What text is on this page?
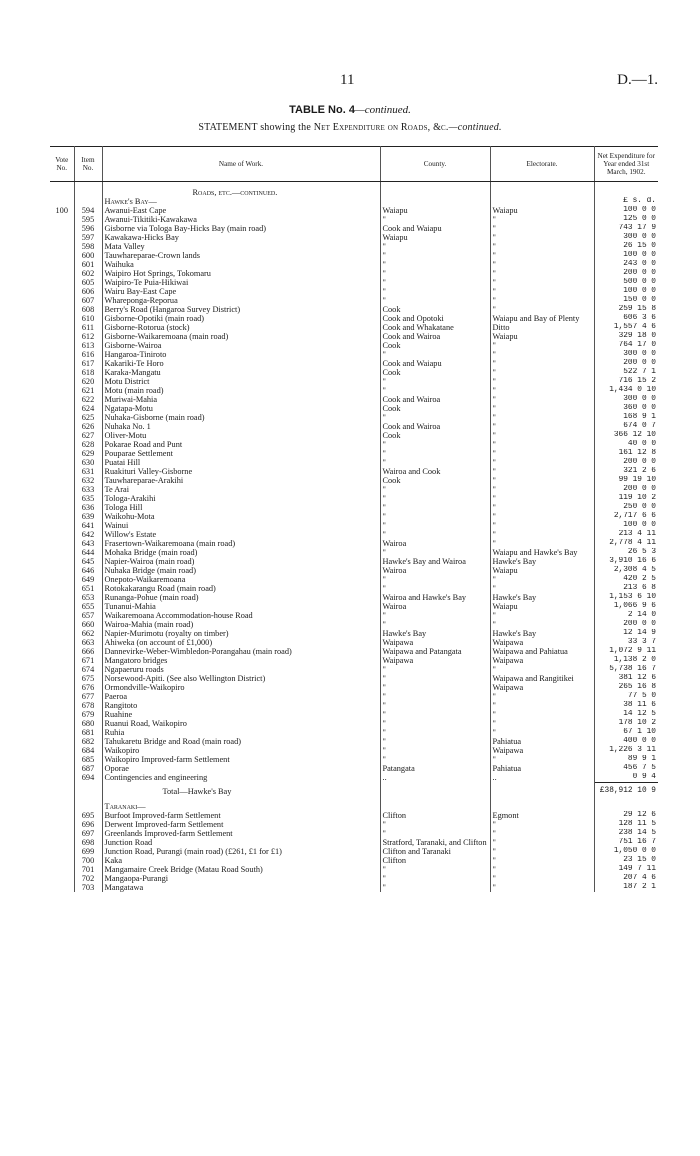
11	D.—1.
TABLE No. 4—continued.
STATEMENT showing the Net Expenditure on Roads, &c.—continued.
Vote No.	Item No.	Name of Work.	County.	Electorate.	Net Expenditure for Year ended 31st March, 1902.
		Roads, etc.—continued.			
		Hawke's Bay—			£ s. d.
100	594	Awanui-East Cape	Waiapu	Waiapu	100 0 0
	595	Awanui-Tikitiki-Kawakawa	"	"	125 0 0
	596	Gisborne via Tologa Bay-Hicks Bay (main road)	Cook and Waiapu	"	743 17 9
	597	Kawakawa-Hicks Bay	Waiapu	"	300 0 0
	598	Mata Valley	"	"	26 15 0
	600	Tauwhareparae-Crown lands	"	"	100 0 0
	601	Waihuka	"	"	243 0 0
	602	Waipiro Hot Springs, Tokomaru	"	"	200 0 0
	605	Waipiro-Te Puia-Hikiwai	"	"	500 0 0
	606	Wairu Bay-East Cape	"	"	100 0 0
	607	Whareponga-Reporua	"	"	150 0 0
	608	Berry's Road (Hangaroa Survey District)	Cook	"	259 15 8
	610	Gisborne-Opotiki (main road)	Cook and Opotoki	Waiapu and Bay of Plenty	606 3 6
	611	Gisborne-Rotorua (stock)	Cook and Whakatane	Ditto	1,557 4 6
	612	Gisborne-Waikaremoana (main road)	Cook and Wairoa	Waiapu	329 18 0
	613	Gisborne-Wairoa	Cook	"	764 17 0
	616	Hangaroa-Tiniroto	"	"	300 0 0
	617	Kakariki-Te Horo	Cook and Waiapu	"	200 0 0
	618	Karaka-Mangatu	Cook	"	522 7 1
	620	Motu District	"	"	716 15 2
	621	Motu (main road)	"	"	1,434 0 10
	622	Muriwai-Mahia	Cook and Wairoa	"	300 0 0
	624	Ngatapa-Motu	Cook	"	360 0 0
	625	Nuhaka-Gisborne (main road)	"	"	168 9 1
	626	Nuhaka No. 1	Cook and Wairoa	"	674 0 7
	627	Oliver-Motu	Cook	"	366 12 10
	628	Pokarae Road and Punt	"	"	40 0 0
	629	Pouparae Settlement	"	"	161 12 8
	630	Puatai Hill	"	"	200 0 0
	631	Ruakituri Valley-Gisborne	Wairoa and Cook	"	321 2 6
	632	Tauwhareparae-Arakihi	Cook	"	99 19 10
	633	Te Arai	"	"	200 0 0
	635	Tologa-Arakihi	"	"	119 10 2
	636	Tologa Hill	"	"	250 0 0
	639	Waikohu-Mota	"	"	2,717 6 6
	641	Wainui	"	"	100 0 0
	642	Willow's Estate	"	"	213 4 11
	643	Frasertown-Waikaremoana (main road)	Wairoa	"	2,778 4 11
	644	Mohaka Bridge (main road)	"	Waiapu and Hawke's Bay	26 5 3
	645	Napier-Wairoa (main road)	Hawke's Bay and Wairoa	Hawke's Bay	3,910 16 6
	646	Nuhaka Bridge (main road)	Wairoa	Waiapu	2,308 4 5
	649	Onepoto-Waikaremoana	"	"	420 2 5
	651	Rotokakarangu Road (main road)	"	"	213 6 8
	653	Runanga-Pohue (main road)	Wairoa and Hawke's Bay	Hawke's Bay	1,153 6 10
	655	Tunanui-Mahia	Wairoa	Waiapu	1,066 9 6
	657	Waikaremoana Accommodation-house Road	"	"	2 14 0
	660	Wairoa-Mahia (main road)	"	"	200 0 0
	662	Napier-Murimotu (royalty on timber)	Hawke's Bay	Hawke's Bay	12 14 9
	663	Ahiweka (on account of £1,000)	Waipawa	Waipawa	33 3 7
	666	Dannevirke-Weber-Wimbledon-Porangahau (main road)	Waipawa and Patangata	Waipawa and Pahiatua	1,072 9 11
	671	Mangatoro bridges	Waipawa	Waipawa	1,138 2 0
	674	Ngapaeruru roads	"	"	5,738 16 7
	675	Norsewood-Apiti. (See also Wellington District)	"	Waipawa and Rangitikei	381 12 6
	676	Ormondville-Waikopiro	"	Waipawa	265 16 8
	677	Paeroa	"	"	77 5 0
	678	Rangitoto	"	"	38 11 6
	679	Ruahine	"	"	14 12 5
	680	Ruanui Road, Waikopiro	"	"	178 10 2
	681	Ruhia	"	"	67 1 10
	682	Tahukaretu Bridge and Road (main road)	"	Pahiatua	400 0 0
	684	Waikopiro	"	Waipawa	1,226 3 11
	685	Waikopiro Improved-farm Settlement	"	"	89 9 1
	687	Oporae	Patangata	Pahiatua	456 7 5
	694	Contingencies and engineering	..	..	0 9 4
		Total—Hawke's Bay			£38,912 10 9
		Taranaki—			
	695	Burfoot Improved-farm Settlement	Clifton	Egmont	29 12 6
	696	Derwent Improved-farm Settlement	"	"	128 11 5
	697	Greenlands Improved-farm Settlement	"	"	238 14 5
	698	Junction Road	Stratford, Taranaki, and Clifton	"	751 16 7
	699	Junction Road, Purangi (main road) (£261, £1 for £1)	Clifton and Taranaki	"	1,050 0 0
	700	Kaka	Clifton	"	23 15 0
	701	Mangamaire Creek Bridge (Matau Road South)	"	"	149 7 11
	702	Mangaopa-Purangi	"	"	207 4 6
	703	Mangatawa	"	"	187 2 1
